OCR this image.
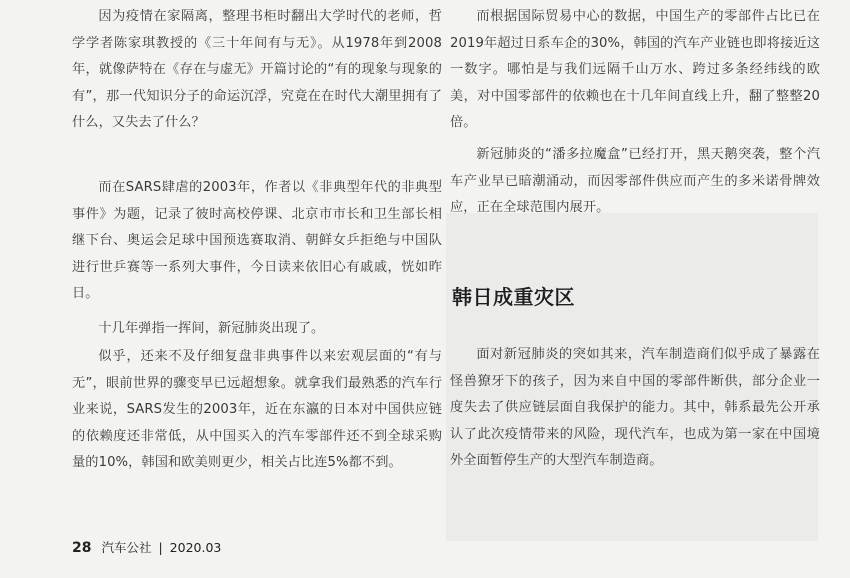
因为疫情在家隔离，整理书柜时翻出大学时代的老师，哲学学者陈家琪教授的《三十年间有与无》。从1978年到2008年，就像萨特在《存在与虚无》开篇讨论的“有的现象与现象的有”，那一代知识分子的命运沉浮，究竟在在时代大潮里拥有了什么，又失去了什么？

而在SARS肆虐的2003年，作者以《非典型年代的非典型事件》为题，记录了彼时高校停课、北京市市长和卫生部长相继下台、奥运会足球中国预选赛取消、朝鲜女乒拒绝与中国队进行世乒赛等一系列大事件，今日读来依旧心有戚戚，恍如昨日。

十几年弹指一挥间，新冠肺炎出现了。

似乎，还来不及仔细复盘非典事件以来宏观层面的“有与无”，眼前世界的骤变早已远超想象。就拿我们最熟悉的汽车行业来说，SARS发生的2003年，近在东瀛的日本对中国供应链的依赖度还非常低，从中国买入的汽车零部件还不到全球采购量的10%，韩国和欧美则更少，相关占比连5%都不到。

而根据国际贸易中心的数据，中国生产的零部件占比已在2019年超过日系车企的30%，韩国的汽车产业链也即将接近这一数字。哪怕是与我们远隔千山万水、跨过多条经纬线的欧美，对中国零部件的依赖也在十几年间直线上升，翻了整整20倍。

新冠肺炎的“潘多拉魔盒”已经打开，黑天鹅突袭，整个汽车产业早已暗潮涌动，而因零部件供应而产生的多米诺骨牌效应，正在全球范围内展开。

韩日成重灾区

面对新冠肺炎的突如其来，汽车制造商们似乎成了暴露在怪兽獠牙下的孩子，因为来自中国的零部件断供，部分企业一度失去了供应链层面自我保护的能力。其中，韩系最先公开承认了此次疫情带来的风险，现代汽车，也成为第一家在中国境外全面暂停生产的大型汽车制造商。

28 汽车公社 | 2020.03
